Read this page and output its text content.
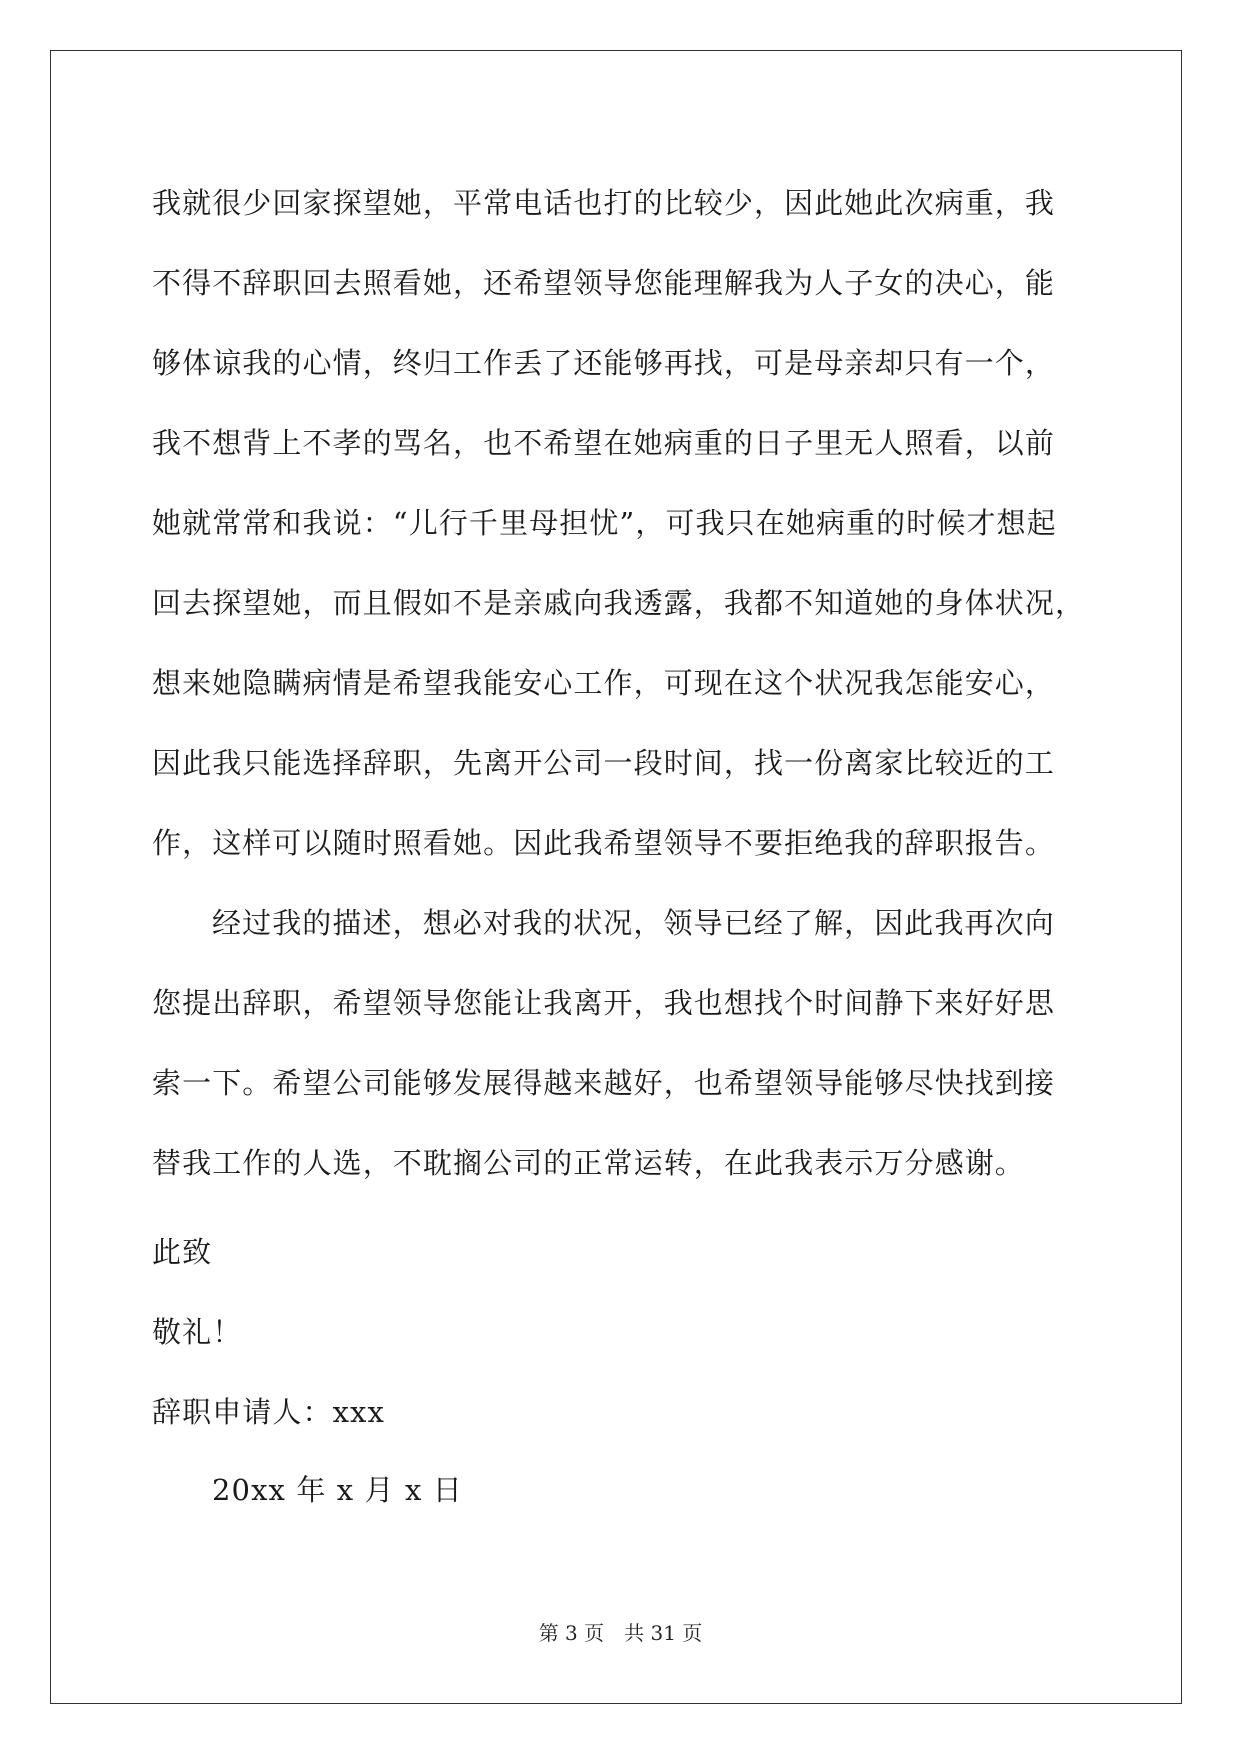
我就很少回家探望她，平常电话也打的比较少，因此她此次病重，我
不得不辞职回去照看她，还希望领导您能理解我为人子女的决心，能
够体谅我的心情，终归工作丢了还能够再找，可是母亲却只有一个，
我不想背上不孝的骂名，也不希望在她病重的日子里无人照看，以前
她就常常和我说：“儿行千里母担忧”，可我只在她病重的时候才想起
回去探望她，而且假如不是亲戚向我透露，我都不知道她的身体状况，
想来她隐瞒病情是希望我能安心工作，可现在这个状况我怎能安心，
因此我只能选择辞职，先离开公司一段时间，找一份离家比较近的工
作，这样可以随时照看她。因此我希望领导不要拒绝我的辞职报告。
经过我的描述，想必对我的状况，领导已经了解，因此我再次向
您提出辞职，希望领导您能让我离开，我也想找个时间静下来好好思
索一下。希望公司能够发展得越来越好，也希望领导能够尽快找到接
替我工作的人选，不耽搁公司的正常运转，在此我表示万分感谢。
此致
敬礼！
辞职申请人：xxx
20xx 年 x 月 x 日
第 3 页 共 31 页
